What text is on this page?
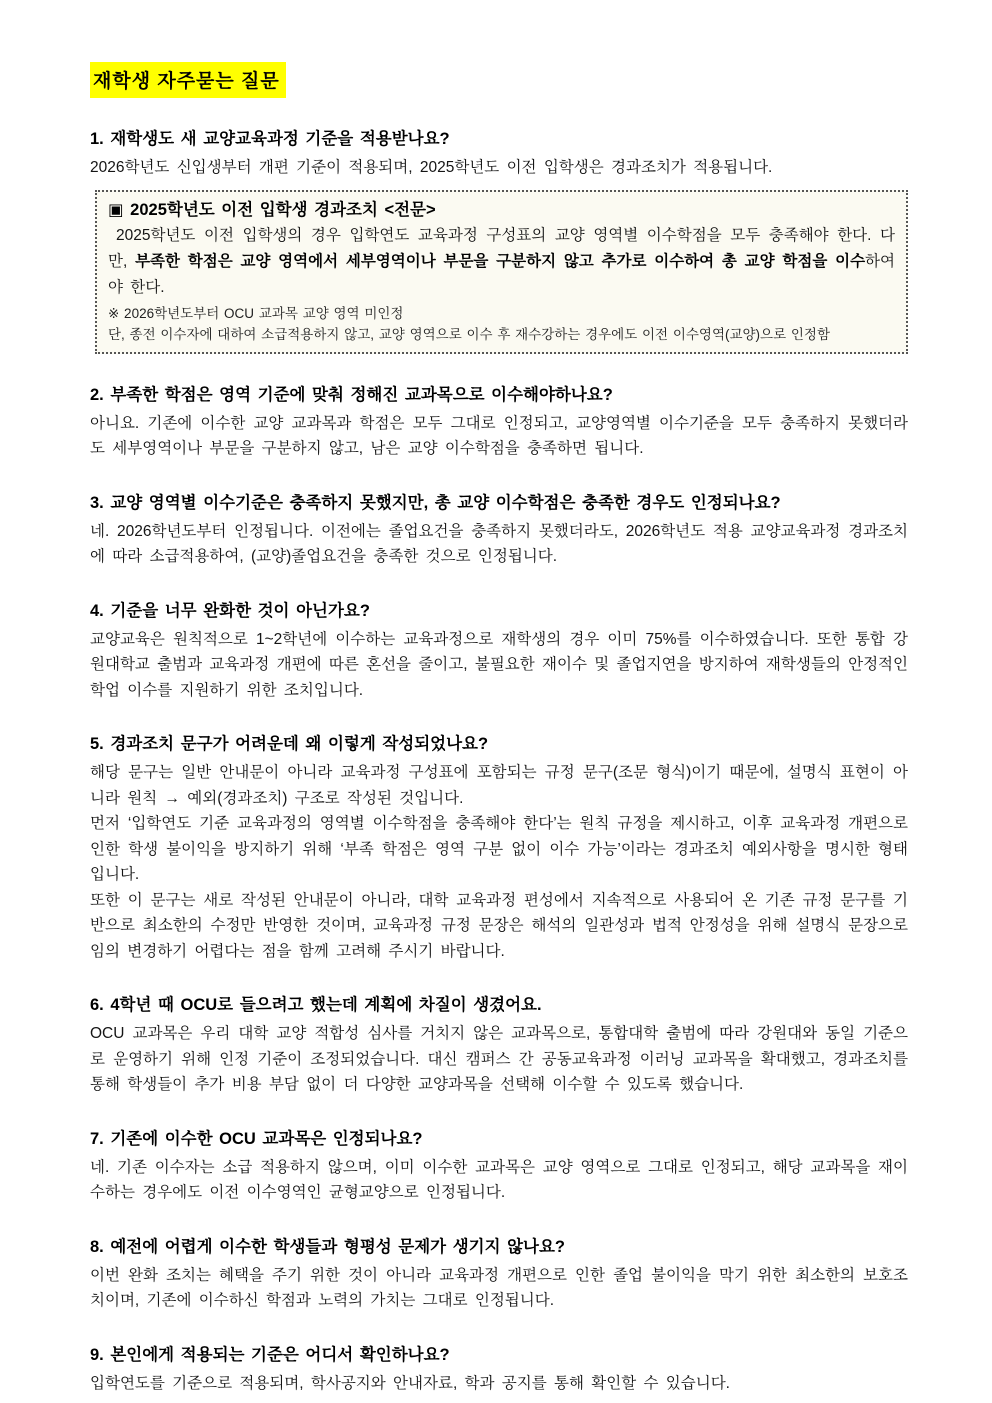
재학생 자주묻는 질문
1. 재학생도 새 교양교육과정 기준을 적용받나요?

2026학년도 신입생부터 개편 기준이 적용되며, 2025학년도 이전 입학생은 경과조치가 적용됩니다.

▣ 2025학년도 이전 입학생 경과조치 <전문>

2025학년도 이전 입학생의 경우 입학연도 교육과정 구성표의 교양 영역별 이수학점을 모두 충족해야 한다. 다만, 부족한 학점은 교양 영역에서 세부영역이나 부문을 구분하지 않고 추가로 이수하여 총 교양 학점을 이수하여야 한다.

※ 2026학년도부터 OCU 교과목 교양 영역 미인정
단, 종전 이수자에 대하여 소급적용하지 않고, 교양 영역으로 이수 후 재수강하는 경우에도 이전 이수영역(교양)으로 인정함
2. 부족한 학점은 영역 기준에 맞춰 정해진 교과목으로 이수해야하나요?

아니요. 기존에 이수한 교양 교과목과 학점은 모두 그대로 인정되고, 교양영역별 이수기준을 모두 충족하지 못했더라도 세부영역이나 부문을 구분하지 않고, 남은 교양 이수학점을 충족하면 됩니다.

3. 교양 영역별 이수기준은 충족하지 못했지만, 총 교양 이수학점은 충족한 경우도 인정되나요?

네. 2026학년도부터 인정됩니다. 이전에는 졸업요건을 충족하지 못했더라도, 2026학년도 적용 교양교육과정 경과조치에 따라 소급적용하여, (교양)졸업요건을 충족한 것으로 인정됩니다.

4. 기준을 너무 완화한 것이 아닌가요?

교양교육은 원칙적으로 1~2학년에 이수하는 교육과정으로 재학생의 경우 이미 75%를 이수하였습니다. 또한 통합 강원대학교 출범과 교육과정 개편에 따른 혼선을 줄이고, 불필요한 재이수 및 졸업지연을 방지하여 재학생들의 안정적인 학업 이수를 지원하기 위한 조치입니다.

5. 경과조치 문구가 어려운데 왜 이렇게 작성되었나요?

해당 문구는 일반 안내문이 아니라 교육과정 구성표에 포함되는 규정 문구(조문 형식)이기 때문에, 설명식 표현이 아니라 원칙 → 예외(경과조치) 구조로 작성된 것입니다.

먼저 ‘입학연도 기준 교육과정의 영역별 이수학점을 충족해야 한다’는 원칙 규정을 제시하고, 이후 교육과정 개편으로 인한 학생 불이익을 방지하기 위해 ‘부족 학점은 영역 구분 없이 이수 가능’이라는 경과조치 예외사항을 명시한 형태입니다.

또한 이 문구는 새로 작성된 안내문이 아니라, 대학 교육과정 편성에서 지속적으로 사용되어 온 기존 규정 문구를 기반으로 최소한의 수정만 반영한 것이며, 교육과정 규정 문장은 해석의 일관성과 법적 안정성을 위해 설명식 문장으로 임의 변경하기 어렵다는 점을 함께 고려해 주시기 바랍니다.

6. 4학년 때 OCU로 들으려고 했는데 계획에 차질이 생겼어요.

OCU 교과목은 우리 대학 교양 적합성 심사를 거치지 않은 교과목으로, 통합대학 출범에 따라 강원대와 동일 기준으로 운영하기 위해 인정 기준이 조정되었습니다. 대신 캠퍼스 간 공동교육과정 이러닝 교과목을 확대했고, 경과조치를 통해 학생들이 추가 비용 부담 없이 더 다양한 교양과목을 선택해 이수할 수 있도록 했습니다.

7. 기존에 이수한 OCU 교과목은 인정되나요?

네. 기존 이수자는 소급 적용하지 않으며, 이미 이수한 교과목은 교양 영역으로 그대로 인정되고, 해당 교과목을 재이수하는 경우에도 이전 이수영역인 균형교양으로 인정됩니다.

8. 예전에 어렵게 이수한 학생들과 형평성 문제가 생기지 않나요?

이번 완화 조치는 혜택을 주기 위한 것이 아니라 교육과정 개편으로 인한 졸업 불이익을 막기 위한 최소한의 보호조치이며, 기존에 이수하신 학점과 노력의 가치는 그대로 인정됩니다.

9. 본인에게 적용되는 기준은 어디서 확인하나요?

입학연도를 기준으로 적용되며, 학사공지와 안내자료, 학과 공지를 통해 확인할 수 있습니다.
